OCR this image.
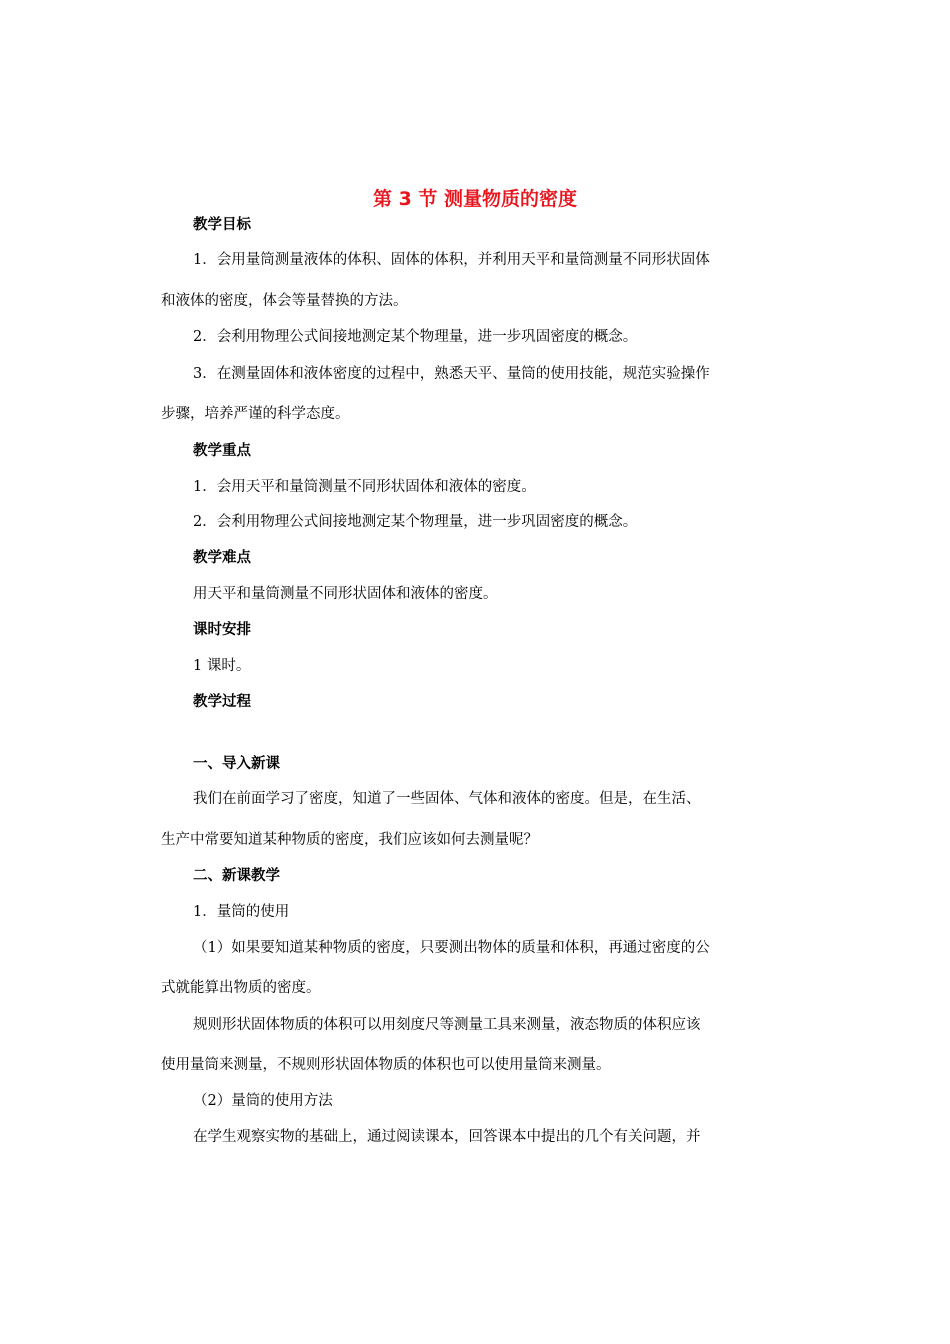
第 3 节 测量物质的密度
教学目标
1．会用量筒测量液体的体积、固体的体积，并利用天平和量筒测量不同形状固体
和液体的密度，体会等量替换的方法。
2．会利用物理公式间接地测定某个物理量，进一步巩固密度的概念。
3．在测量固体和液体密度的过程中，熟悉天平、量筒的使用技能，规范实验操作
步骤，培养严谨的科学态度。
教学重点
1．会用天平和量筒测量不同形状固体和液体的密度。
2．会利用物理公式间接地测定某个物理量，进一步巩固密度的概念。
教学难点
用天平和量筒测量不同形状固体和液体的密度。
课时安排
1 课时。
教学过程
一、导入新课
我们在前面学习了密度，知道了一些固体、气体和液体的密度。但是，在生活、
生产中常要知道某种物质的密度，我们应该如何去测量呢？
二、新课教学
1．量筒的使用
（1）如果要知道某种物质的密度，只要测出物体的质量和体积，再通过密度的公
式就能算出物质的密度。
规则形状固体物质的体积可以用刻度尺等测量工具来测量，液态物质的体积应该
使用量筒来测量，不规则形状固体物质的体积也可以使用量筒来测量。
（2）量筒的使用方法
在学生观察实物的基础上，通过阅读课本，回答课本中提出的几个有关问题，并
